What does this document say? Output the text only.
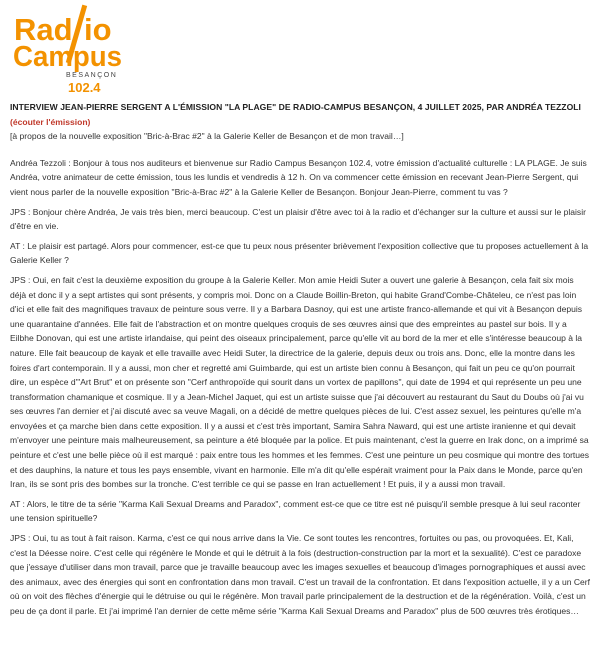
Rad io
Campus
BESANÇON
102.4
INTERVIEW JEAN-PIERRE SERGENT A L'ÉMISSION "LA PLAGE" DE RADIO-CAMPUS BESANÇON, 4 JUILLET 2025, PAR ANDRÉA TEZZOLI
(écouter l'émission)
[à propos de la nouvelle exposition "Bric-à-Brac #2" à la Galerie Keller de Besançon et de mon travail…]

Andréa Tezzoli : Bonjour à tous nos auditeurs et bienvenue sur Radio Campus Besançon 102.4, votre émission d'actualité culturelle : LA PLAGE. Je suis Andréa, votre animateur de cette émission, tous les lundis et vendredis à 12 h. On va commencer cette émission en recevant Jean-Pierre Sergent, qui vient nous parler de la nouvelle exposition "Bric-à-Brac #2" à la Galerie Keller de Besançon. Bonjour Jean-Pierre, comment tu vas ?

JPS : Bonjour chère Andréa, Je vais très bien, merci beaucoup. C'est un plaisir d'être avec toi à la radio et d'échanger sur la culture et aussi sur le plaisir d'être en vie.

AT : Le plaisir est partagé. Alors pour commencer, est-ce que tu peux nous présenter brièvement l'exposition collective que tu proposes actuellement à la Galerie Keller ?

JPS : Oui, en fait c'est la deuxième exposition du groupe à la Galerie Keller. Mon amie Heidi Suter a ouvert une galerie à Besançon, cela fait six mois déjà et donc il y a sept artistes qui sont présents, y compris moi. Donc on a Claude Boillin-Breton, qui habite Grand'Combe-Châteleu, ce n'est pas loin d'ici et elle fait des magnifiques travaux de peinture sous verre. Il y a Barbara Dasnoy, qui est une artiste franco-allemande et qui vit à Besançon depuis une quarantaine d'années. Elle fait de l'abstraction et on montre quelques croquis de ses œuvres ainsi que des empreintes au pastel sur bois. Il y a Eilbhe Donovan, qui est une artiste irlandaise, qui peint des oiseaux principalement, parce qu'elle vit au bord de la mer et elle s'intéresse beaucoup à la nature. Elle fait beaucoup de kayak et elle travaille avec Heidi Suter, la directrice de la galerie, depuis deux ou trois ans. Donc, elle la montre dans les foires d'art contemporain. Il y a aussi, mon cher et regretté ami Guimbarde, qui est un artiste bien connu à Besançon, qui fait un peu ce qu'on pourrait dire, un espèce d'"Art Brut" et on présente son "Cerf anthropoïde qui sourit dans un vortex de papillons", qui date de 1994 et qui représente un peu une transformation chamanique et cosmique. Il y a Jean-Michel Jaquet, qui est un artiste suisse que j'ai découvert au restaurant du Saut du Doubs où j'ai vu ses œuvres l'an dernier et j'ai discuté avec sa veuve Magali, on a décidé de mettre quelques pièces de lui. C'est assez sexuel, les peintures qu'elle m'a envoyées et ça marche bien dans cette exposition. Il y a aussi et c'est très important, Samira Sahra Naward, qui est une artiste iranienne et qui devait m'envoyer une peinture mais malheureusement, sa peinture a été bloquée par la police. Et puis maintenant, c'est la guerre en Irak donc, on a imprimé sa peinture et c'est une belle pièce où il est marqué : paix entre tous les hommes et les femmes. C'est une peinture un peu cosmique qui montre des tortues et des dauphins, la nature et tous les pays ensemble, vivant en harmonie. Elle m'a dit qu'elle espérait vraiment pour la Paix dans le Monde, parce qu'en Iran, ils se sont pris des bombes sur la tronche. C'est terrible ce qui se passe en Iran actuellement ! Et puis, il y a aussi mon travail.

AT : Alors, le titre de ta série "Karma Kali Sexual Dreams and Paradox", comment est-ce que ce titre est né puisqu'il semble presque à lui seul raconter une tension spirituelle?

JPS : Oui, tu as tout à fait raison. Karma, c'est ce qui nous arrive dans la Vie. Ce sont toutes les rencontres, fortuites ou pas, ou provoquées. Et, Kali, c'est la Déesse noire. C'est celle qui régénère le Monde et qui le détruit à la fois (destruction-construction par la mort et la sexualité). C'est ce paradoxe que j'essaye d'utiliser dans mon travail, parce que je travaille beaucoup avec les images sexuelles et beaucoup d'images pornographiques et aussi avec des animaux, avec des énergies qui sont en confrontation dans mon travail. C'est un travail de la confrontation. Et dans l'exposition actuelle, il y a un Cerf où on voit des flèches d'énergie qui le détruise ou qui le régénère. Mon travail parle principalement de la destruction et de la régénération. Voilà, c'est un peu de ça dont il parle. Et j'ai imprimé l'an dernier de cette même série "Karma Kali Sexual Dreams and Paradox" plus de 500 œuvres très érotiques…
